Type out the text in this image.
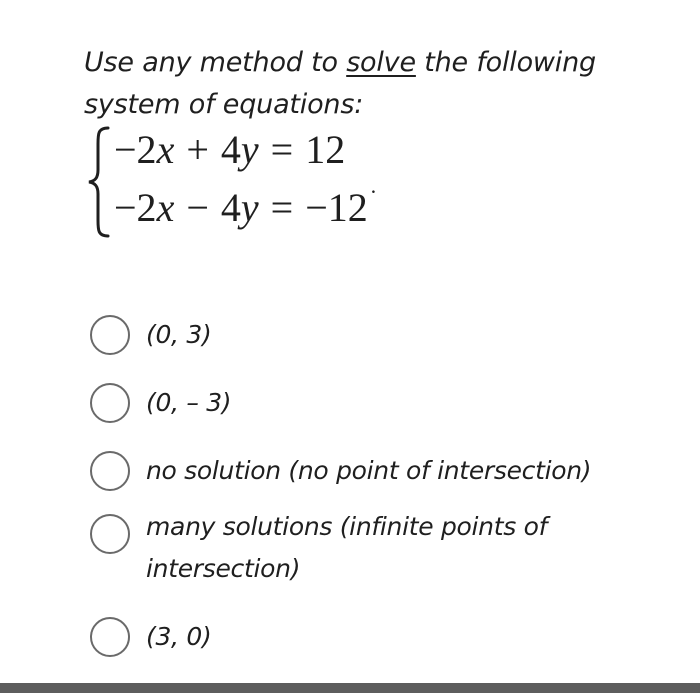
Use any method to solve the following system of equations:
−2x + 4y = 12
−2x − 4y = −12·
(0, 3)
(0, – 3)
no solution (no point of intersection)
many solutions (infinite points of intersection)
(3, 0)
